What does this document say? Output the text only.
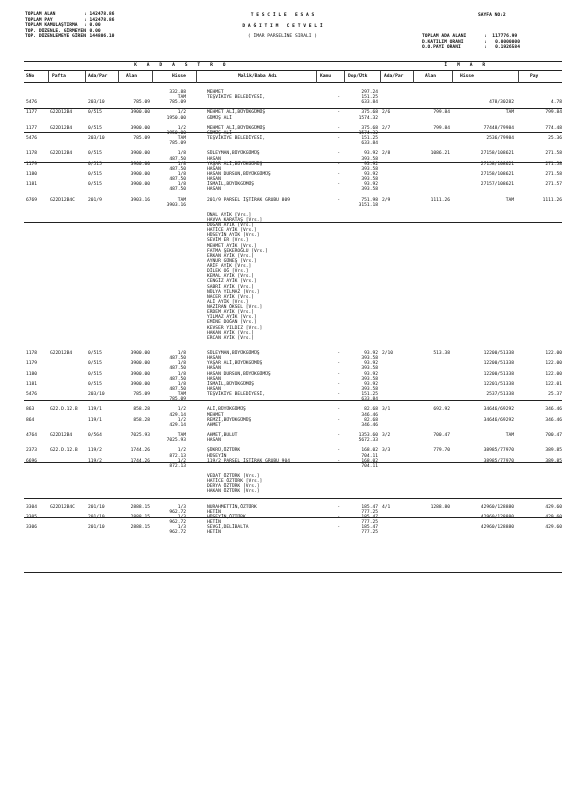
TOPLAM ALAN	: 142478.86
TOPLAM PAY	: 142478.86
TOPLAM KAMULAŞTIRMA : 0.00
TOP. DÜZENLE. GİRMEYEN
: 0.00
TOP. DÜZENLEMEYE GİREN
: 144806.10
T E S C İ L E   E S A S
D A Ğ I T I M   C E T V E L İ
( İMAR PARSELİNE SIRALI )
SAYFA NO:2
TOPLAM ADA ALANI	:  117776.99
D.KATILIM ORANI	:   0.0000000
O.O.PAYI ORANI	:   0.1926584
K   A   D   A   S   T   R   O	İ   M   A   R
SNo	Pafta	Ada/Par	Alan	Hisse	Malik/Baba Adı	Kamu	Dop/Ütk	Ada/Par	Alan	Hisse	Pay
332.88	MEHMET	297.24
TAM	TEŞVİKİYE BELEDİYESİ,	-	151.25
5476	203/10	785.09	785.09	633.84	478/30282	4.78
1177	G22D12B4	0/515	3900.00	1/2	MEHMET ALİ,BÜYÜKGÜMÜŞ	-	375.68 2/6	799.84	TAM	799.84
1950.00	GÜMÜŞ ALİ	1574.32
1177	G22D12B4	0/515	3900.00	1/2	MEHMET ALİ,BÜYÜKGÜMÜŞ	-	375.68 2/7	799.84	77448/79984	774.48
1950.00	GÜMÜŞ ALİ	1574.32
5476	203/10	785.09	TAM	TEŞVİKİYE BELEDİYESİ,	-	151.25	2536/79984	25.36
785.09	633.84
1178	G22D12B4	0/515	3900.00	1/8	SÜLEYMAN,BÜYÜKGÜMÜŞ	-	93.92 2/8	1086.21	27158/108621	271.58
487.50	HASAN	393.58
1179	0/515	3900.00	1/8	YAŞAR ALİ,BÜYÜKGÜMÜŞ	-	93.92	27158/108621	271.58
487.50	HASAN	393.58
1180	0/515	3900.00	1/8	HASAN DURSUN,BÜYÜKGÜMÜŞ	-	93.92	27158/108621	271.58
487.50	HASAN	393.58
1181	0/515	3900.00	1/8	İSMAİL,BÜYÜKGÜMÜŞ	-	93.92	27157/108621	271.57
487.50	HASAN	393.58
6769	G22D12B4C	201/9	3903.16	TAM	201/9 PARSEL İŞTİRAK GRUBU 809	-	751.98 2/9	1111.26	TAM	1111.26
3903.16	3151.18
ÜNAL AYİK [Vrs.]
HAVVA KARATAŞ [Vrs.]
DOĞAN AYİK [Vrs.]
HATİCE AYİK [Vrs.]
HÜSEYİN AYİK [Vrs.]
SEVİM ER [Vrs.]
MEHMET AYİK [Vrs.]
FATMA ŞEKEROĞLU [Vrs.]
ERKAN AYİK [Vrs.]
AYNUR GÜNEŞ [Vrs.]
ARİF AYİK [Vrs.]
DİLEK OĞ [Vrs.]
KEMAL AYİK [Vrs.]
CENGİZ AYİK [Vrs.]
SABRİ AYİK [Vrs.]
NÜLYA YILMAZ [Vrs.]
NACER AYİK [Vrs.]
ALİ AYİK [Vrs.]
NAZİRAN ÖKSEL [Vrs.]
ERDEM AYİK [Vrs.]
YILMAZ AYİK [Vrs.]
EMİNE DOĞAN [Vrs.]
KEVSER YILDIZ [Vrs.]
HAKAN AYİK [Vrs.]
ERCAN AYİK [Vrs.]
1178	G22D12B4	0/515	3900.00	1/8	SÜLEYMAN,BÜYÜKGÜMÜŞ	-	93.92 2/10	513.38	12200/51338	122.00
487.50	HASAN	393.58
1179	0/515	3900.00	1/8	YAŞAR ALİ,BÜYÜKGÜMÜŞ	-	93.92	12200/51338	122.00
487.50	HASAN	393.58
1180	0/515	3900.00	1/8	HASAN DURSUN,BÜYÜKGÜMÜŞ	-	93.92	12200/51338	122.00
487.50	HASAN	393.58
1181	0/515	3900.00	1/8	İSMAİL,BÜYÜKGÜMÜŞ	-	93.92	12201/51338	122.01
487.50	HASAN	393.58
5476	203/10	785.09	TAM	TEŞVİKİYE BELEDİYESİ,	-	151.25	2537/51338	25.37
785.09	633.84
863	G22.D.12.B	119/1	858.28	1/2	ALİ,BÜYÜKGÜMÜŞ	-	82.68 3/1	692.92	34646/69292	346.46
429.14	MEHMET	346.46
864	119/1	858.28	1/2	REMZİ,BÜYÜKGÜMÜŞ	-	82.68	34646/69292	346.46
429.14	AHMET	346.46
4764	G22D12B4	0/564	7025.93	TAM	AHMET,BULUT	-	1353.60 3/2	700.47	TAM	700.47
7025.93	HASAN	5672.33
2373	G22.D.12.B	119/2	1744.26	1/2	ŞÜKRÜ,ÖZTÜRK	-	168.02 3/3	779.70	38985/77970	389.85
872.13	HÜSEYİN	704.11
6696	119/2	1744.26	1/2	119/2 PARSEL İŞTİRAK GRUBU 904	-	168.02	38985/77970	389.85
872.13	704.11
VEDAT ÖZTÜRK [Vrs.]
HATİCE ÖZTÜRK [Vrs.]
DERYA ÖZTÜRK [Vrs.]
HAKAN ÖZTÜRK [Vrs.]
3304	G22D12B4C	201/10	2888.15	1/3	NURAHMETTİN,ÖZTÜRK	-	185.47 4/1	1288.80	42960/128880	429.60
962.72	HETİN	777.25
3305	201/10	2888.15	1/3	HÜSEYİN,ÖZTÜRK	-	185.47	42960/128880	429.60
962.72	HETİN	777.25
3306	201/10	2888.15	1/3	SEVGİ,DELİBALTA	-	185.47	42960/128880	429.60
962.72	HETİN	777.25
